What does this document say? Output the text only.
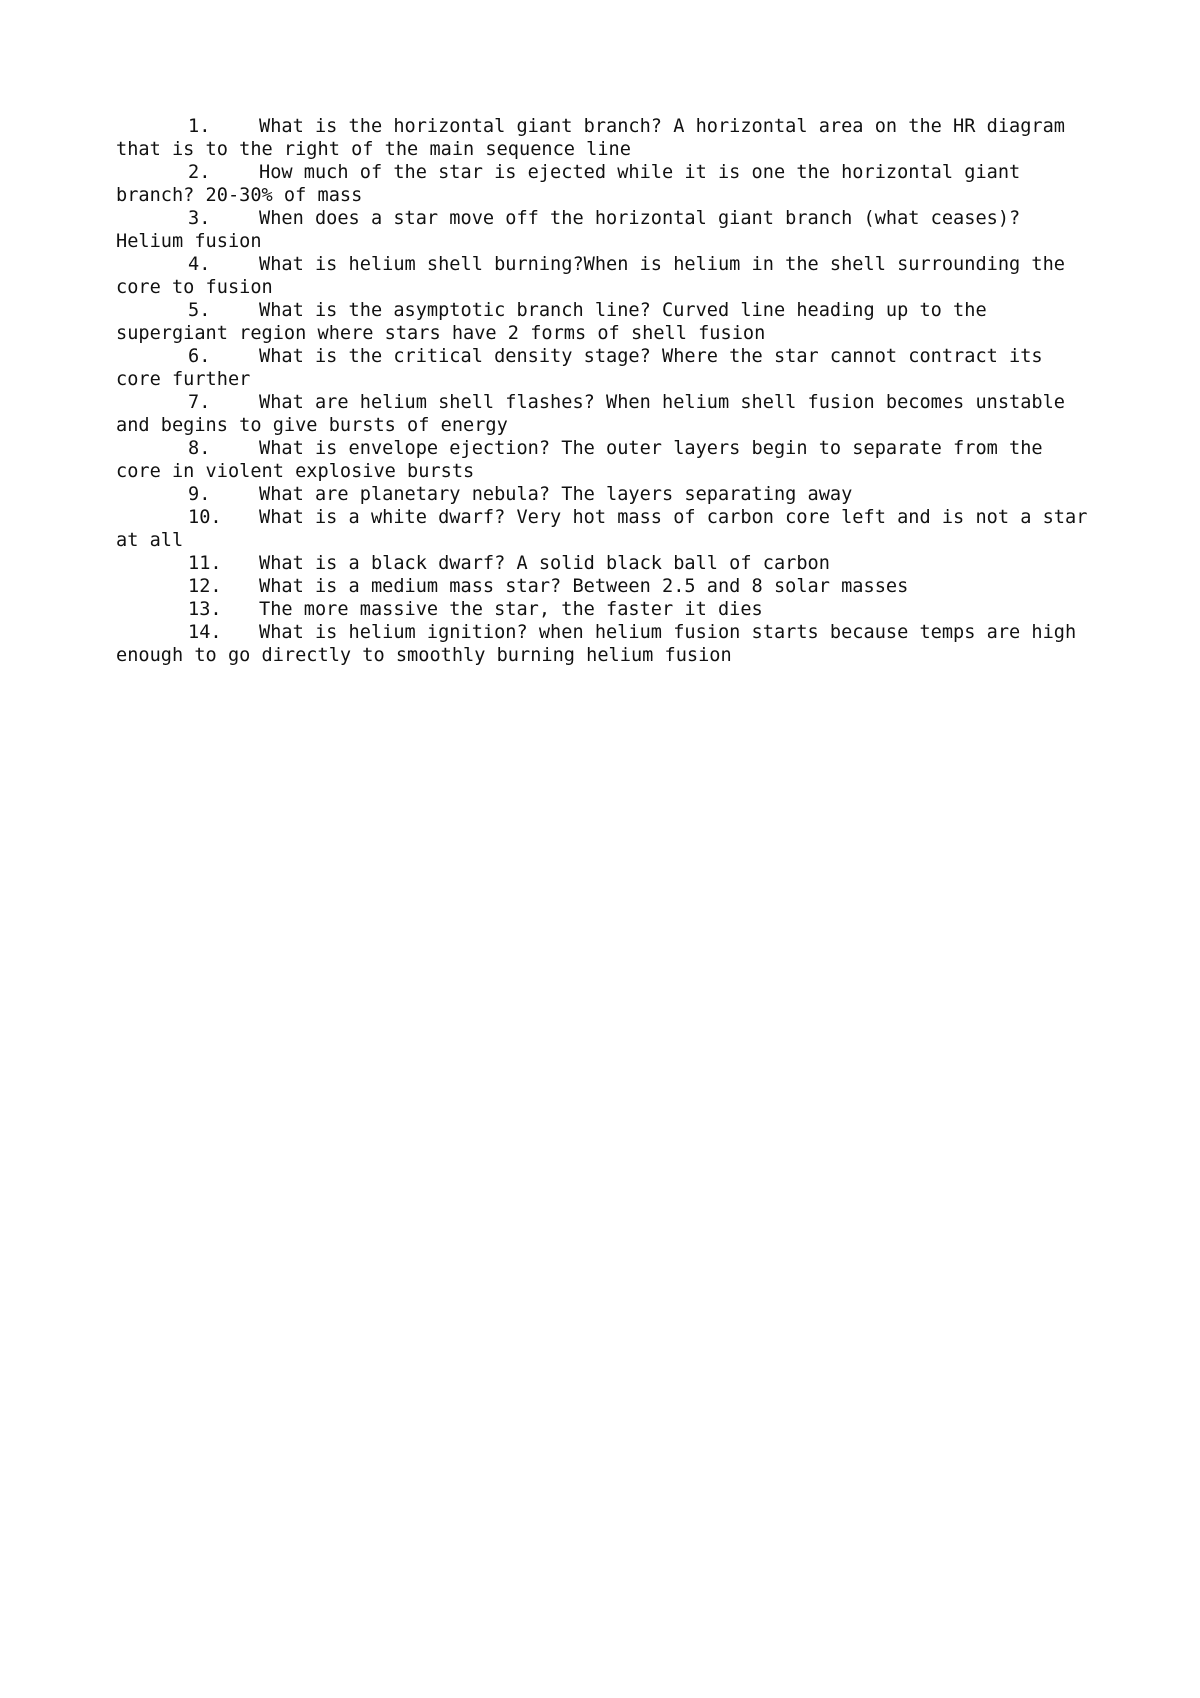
1.	What is the horizontal giant branch? A horizontal area on the HR diagram that is to the right of the main sequence line

2.	How much of the star is ejected while it is one the horizontal giant branch? 20-30% of mass

3.	When does a star move off the horizontal giant branch (what ceases)? Helium fusion

4.	What is helium shell burning?When is helium in the shell surrounding the core to fusion

5.	What is the asymptotic branch line? Curved line heading up to the supergiant region where stars have 2 forms of shell fusion

6.	What is the critical density stage? Where the star cannot contract its core further

7.	What are helium shell flashes? When helium shell fusion becomes unstable and begins to give bursts of energy

8.	What is envelope ejection? The outer layers begin to separate from the core in violent explosive bursts

9.	What are planetary nebula? The layers separating away

10. What is a white dwarf? Very hot mass of carbon core left and is not a star at all

11. What is a black dwarf? A solid black ball of carbon

12. What is a medium mass star? Between 2.5 and 8 solar masses

13. The more massive the star, the faster it dies

14. What is helium ignition? when helium fusion starts because temps are high enough to go directly to smoothly burning helium fusion
